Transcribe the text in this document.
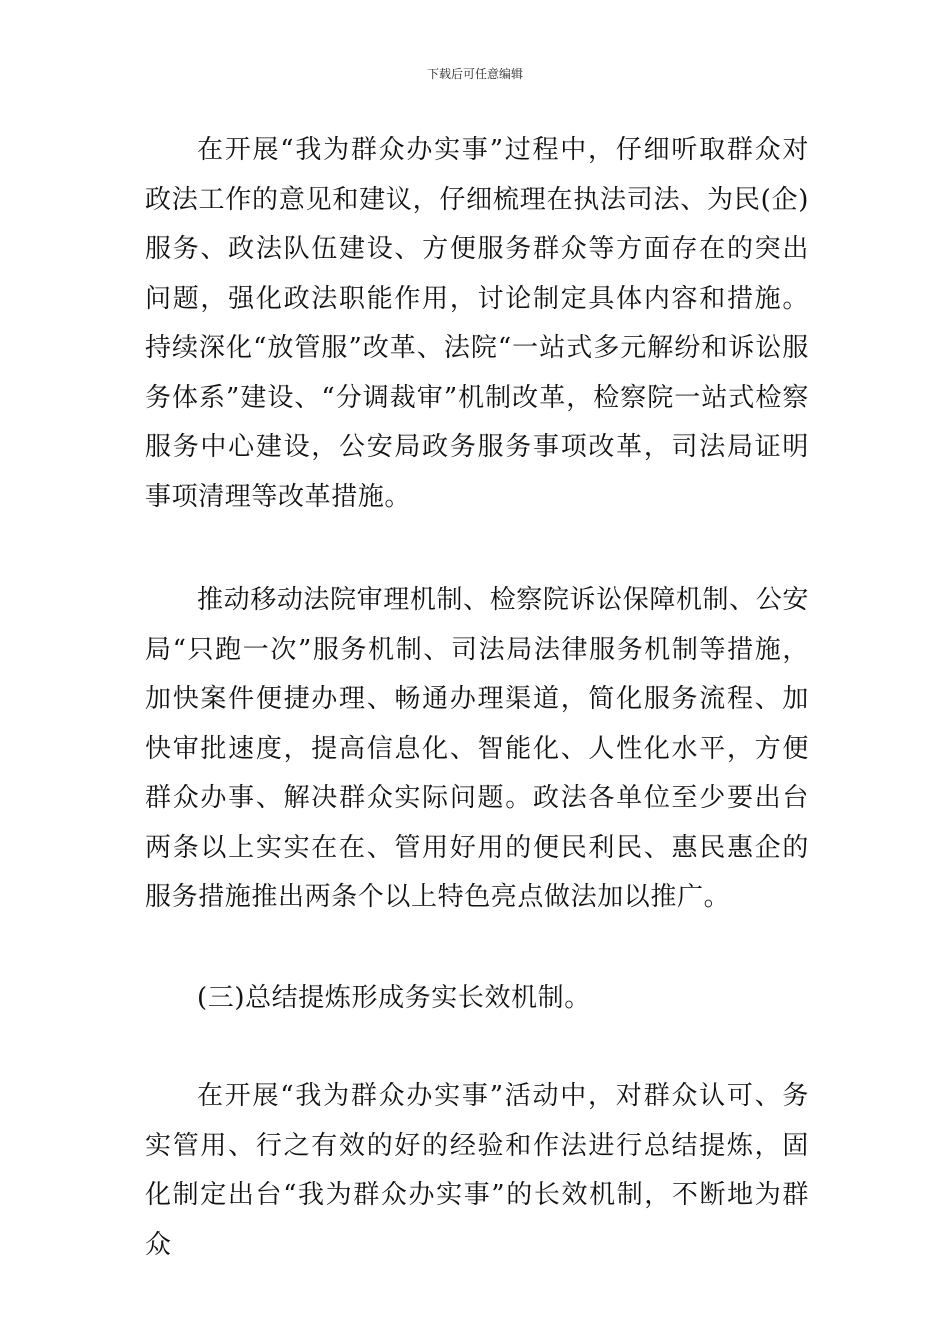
下载后可任意编辑

在开展“我为群众办实事”过程中，仔细听取群众对政法工作的意见和建议，仔细梳理在执法司法、为民(企)服务、政法队伍建设、方便服务群众等方面存在的突出问题，强化政法职能作用，讨论制定具体内容和措施。持续深化“放管服”改革、法院“一站式多元解纷和诉讼服务体系”建设、“分调裁审”机制改革，检察院一站式检察服务中心建设，公安局政务服务事项改革，司法局证明事项清理等改革措施。

推动移动法院审理机制、检察院诉讼保障机制、公安局“只跑一次”服务机制、司法局法律服务机制等措施，加快案件便捷办理、畅通办理渠道，简化服务流程、加快审批速度，提高信息化、智能化、人性化水平，方便群众办事、解决群众实际问题。政法各单位至少要出台两条以上实实在在、管用好用的便民利民、惠民惠企的服务措施推出两条个以上特色亮点做法加以推广。

(三)总结提炼形成务实长效机制。

在开展“我为群众办实事”活动中，对群众认可、务实管用、行之有效的好的经验和作法进行总结提炼，固化制定出台“我为群众办实事”的长效机制，不断地为群众
